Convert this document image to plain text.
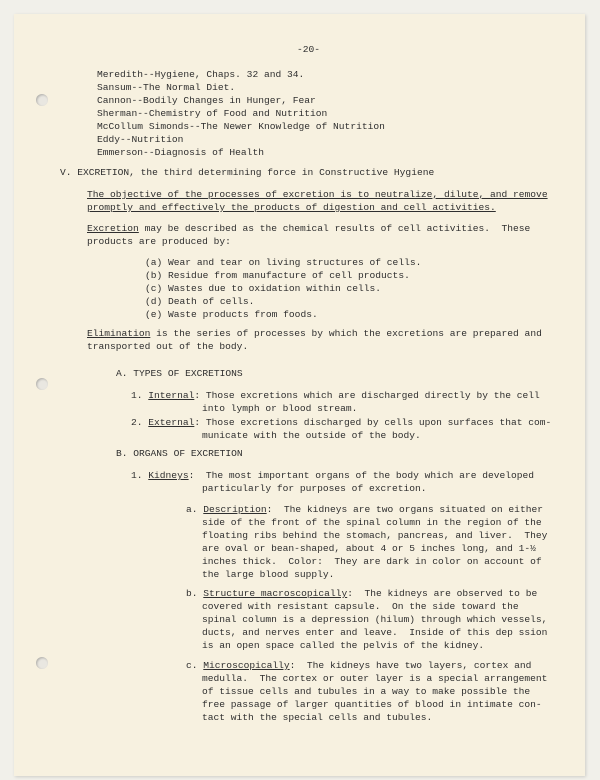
-20-
Meredith--Hygiene, Chaps. 32 and 34.
Sansum--The Normal Diet.
Cannon--Bodily Changes in Hunger, Fear
Sherman--Chemistry of Food and Nutrition
McCollum Simonds--The Newer Knowledge of Nutrition
Eddy--Nutrition
Emmerson--Diagnosis of Health
V. EXCRETION, the third determining force in Constructive Hygiene
The objective of the processes of excretion is to neutralize, dilute, and remove
promptly and effectively the products of digestion and cell activities.
Excretion may be described as the chemical results of cell activities.  These
products are produced by:
(a) Wear and tear on living structures of cells.
(b) Residue from manufacture of cell products.
(c) Wastes due to oxidation within cells.
(d) Death of cells.
(e) Waste products from foods.
Elimination is the series of processes by which the excretions are prepared and
transported out of the body.
A. TYPES OF EXCRETIONS
1. Internal: Those excretions which are discharged directly by the cell
into lymph or blood stream.
2. External: Those excretions discharged by cells upon surfaces that com-
municate with the outside of the body.
B. ORGANS OF EXCRETION
1. Kidneys:  The most important organs of the body which are developed
particularly for purposes of excretion.
a. Description:  The kidneys are two organs situated on either
side of the front of the spinal column in the region of the
floating ribs behind the stomach, pancreas, and liver.  They
are oval or bean-shaped, about 4 or 5 inches long, and 1-½
inches thick.  Color:  They are dark in color on account of
the large blood supply.
b. Structure macroscopically:  The kidneys are observed to be
covered with resistant capsule.  On the side toward the
spinal column is a depression (hilum) through which vessels,
ducts, and nerves enter and leave.  Inside of this dep ssion
is an open space called the pelvis of the kidney.
c. Microscopically:  The kidneys have two layers, cortex and
medulla.  The cortex or outer layer is a special arrangement
of tissue cells and tubules in a way to make possible the
free passage of larger quantities of blood in intimate con-
tact with the special cells and tubules.
